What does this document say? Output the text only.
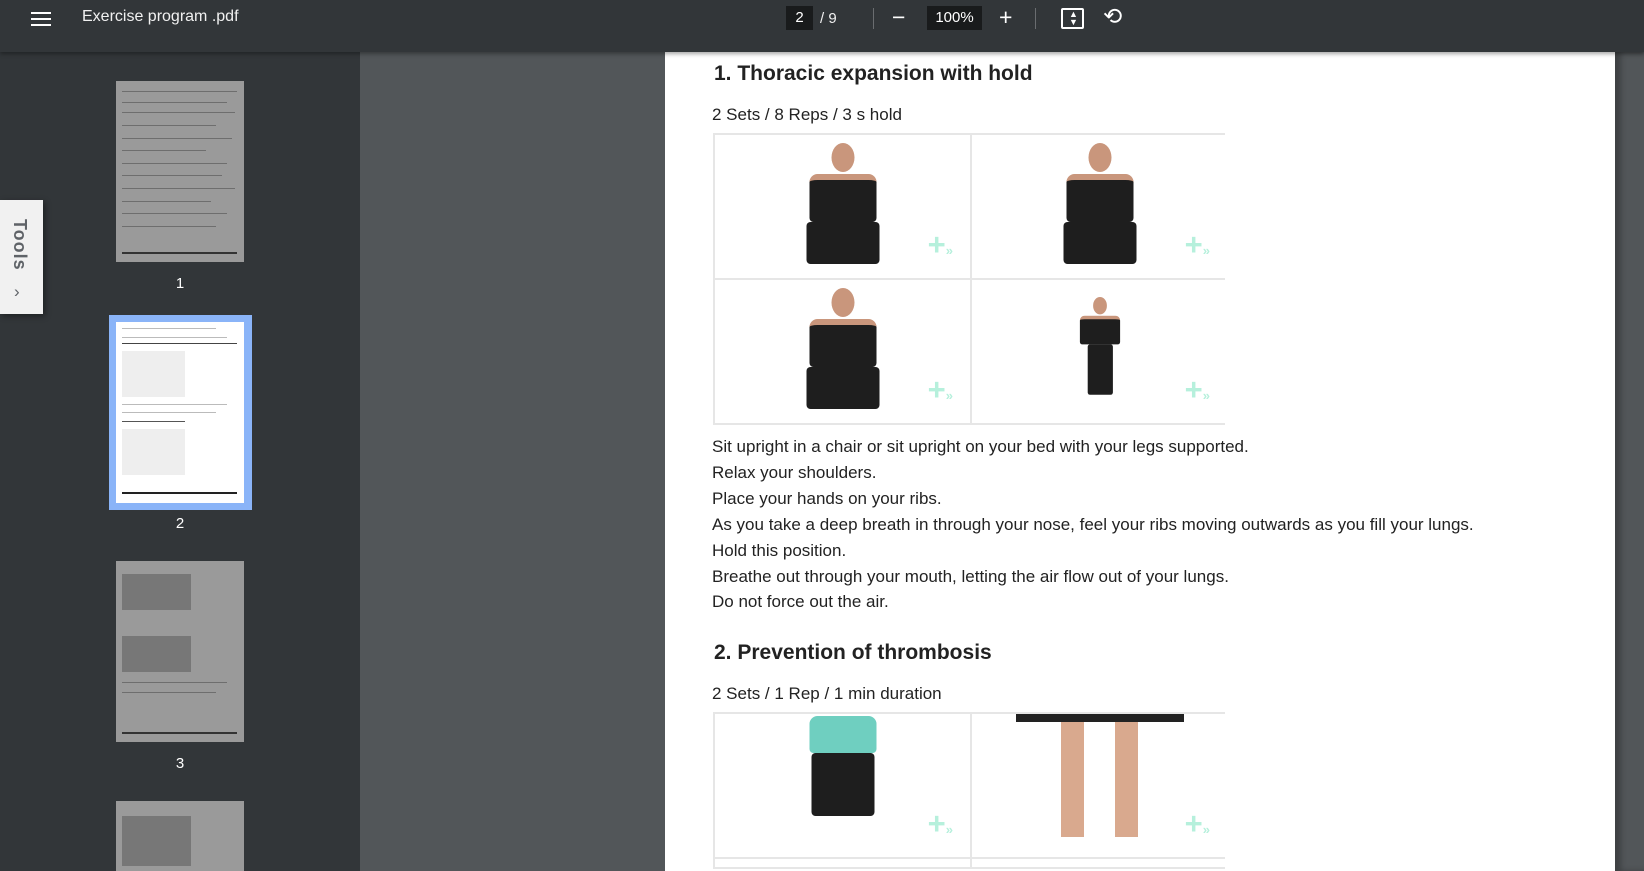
Exercise program .pdf	2	/ 9 −	100%	+	▲
▼ ⟲
1
2
3
Tools
›
1. Thoracic expansion with hold
2 Sets / 8 Reps / 3 s hold
+»	+»
+»	+»
Sit upright in a chair or sit upright on your bed with your legs supported.
Relax your shoulders.
Place your hands on your ribs.
As you take a deep breath in through your nose, feel your ribs moving outwards as you fill your lungs.
Hold this position.
Breathe out through your mouth, letting the air flow out of your lungs.
Do not force out the air.
2. Prevention of thrombosis
2 Sets / 1 Rep / 1 min duration
+»	+»
